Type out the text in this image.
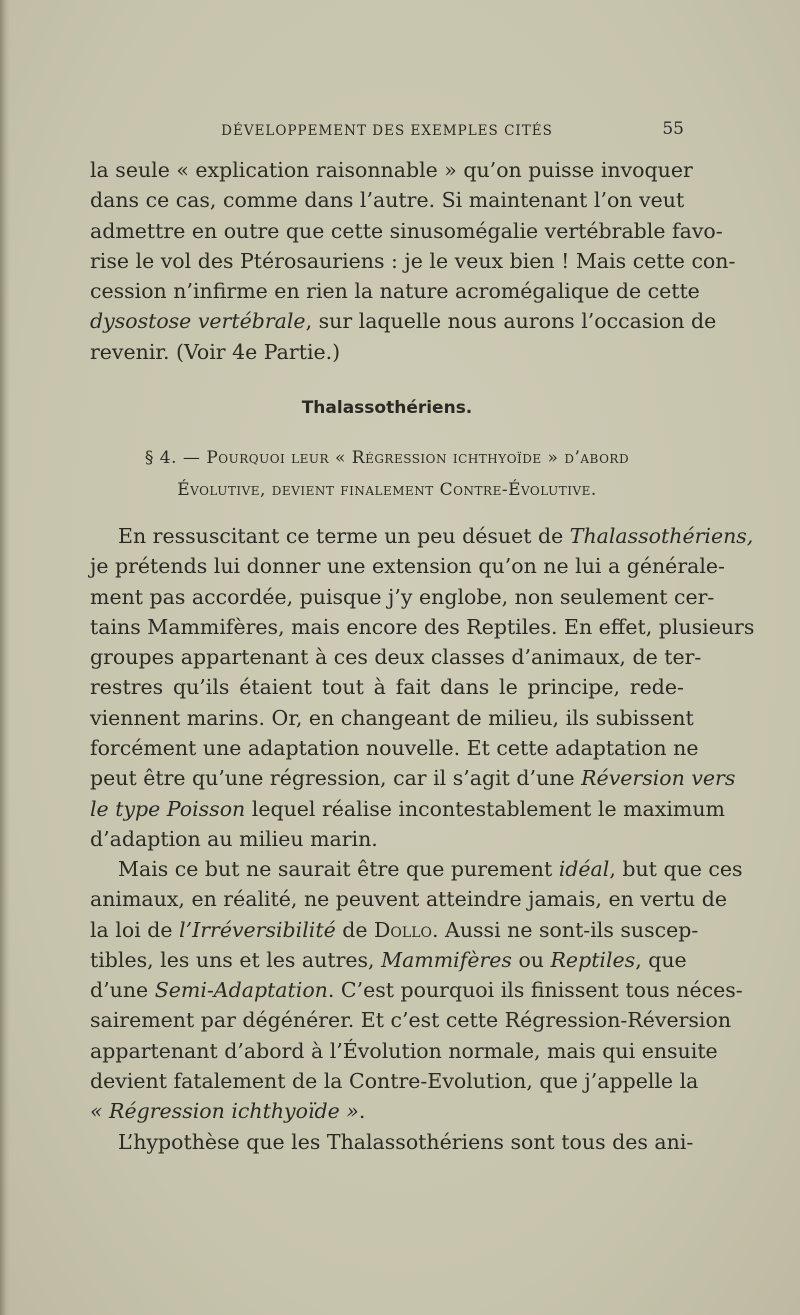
DÉVELOPPEMENT DES EXEMPLES CITÉS	55
la seule « explication raisonnable » qu’on puisse invoquer
dans ce cas, comme dans l’autre. Si maintenant l’on veut
admettre en outre que cette sinusomégalie vertébrable favo-
rise le vol des Ptérosauriens : je le veux bien ! Mais cette con-
cession n’infirme en rien la nature acromégalique de cette
dysostose vertébrale, sur laquelle nous aurons l’occasion de
revenir. (Voir 4e Partie.)
Thalassothériens.
§ 4. — Pourquoi leur « Régression ichthyoïde » d’abord
Évolutive, devient finalement Contre-Évolutive.
En ressuscitant ce terme un peu désuet de Thalassothériens,
je prétends lui donner une extension qu’on ne lui a générale-
ment pas accordée, puisque j’y englobe, non seulement cer-
tains Mammifères, mais encore des Reptiles. En effet, plusieurs
groupes appartenant à ces deux classes d’animaux, de ter-
restres qu’ils étaient tout à fait dans le principe, rede-
viennent marins. Or, en changeant de milieu, ils subissent
forcément une adaptation nouvelle. Et cette adaptation ne
peut être qu’une régression, car il s’agit d’une Réversion vers
le type Poisson lequel réalise incontestablement le maximum
d’adaption au milieu marin.
Mais ce but ne saurait être que purement idéal, but que ces
animaux, en réalité, ne peuvent atteindre jamais, en vertu de
la loi de l’Irréversibilité de Dollo. Aussi ne sont-ils suscep-
tibles, les uns et les autres, Mammifères ou Reptiles, que
d’une Semi-Adaptation. C’est pourquoi ils finissent tous néces-
sairement par dégénérer. Et c’est cette Régression-Réversion
appartenant d’abord à l’Évolution normale, mais qui ensuite
devient fatalement de la Contre-Evolution, que j’appelle la
« Régression ichthyoïde ».
L’hypothèse que les Thalassothériens sont tous des ani-
